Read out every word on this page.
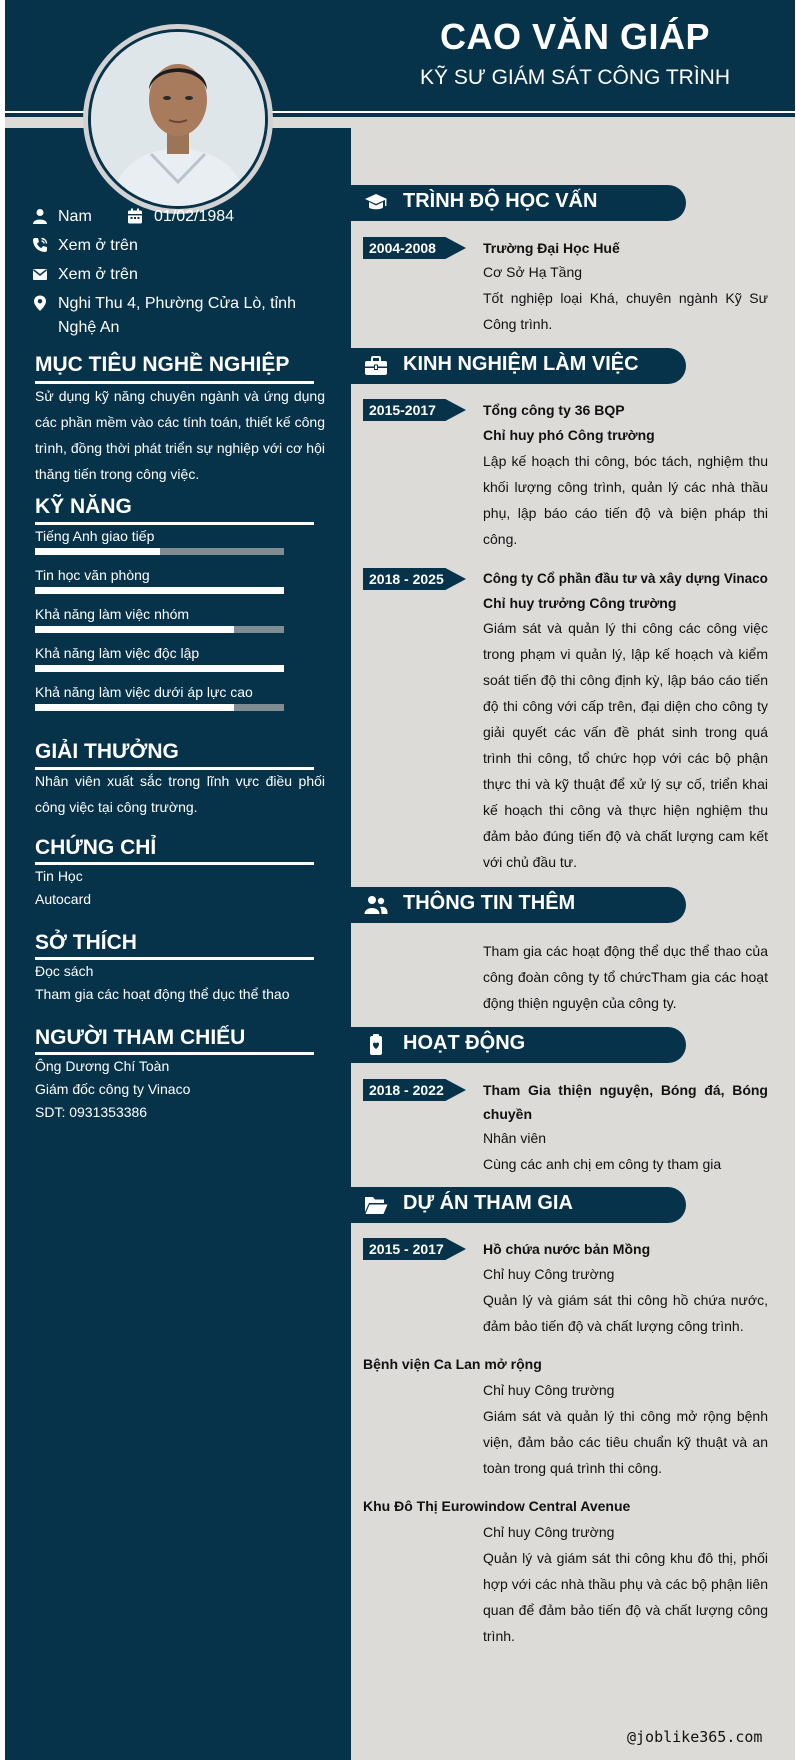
CAO VĂN GIÁP
KỸ SƯ GIÁM SÁT CÔNG TRÌNH
Nam	01/02/1984
Xem ở trên
Xem ở trên
Nghi Thu 4, Phường Cửa Lò, tỉnh Nghệ An
MỤC TIÊU NGHỀ NGHIỆP
Sử dụng kỹ năng chuyên ngành và ứng dụng các phần mềm vào các tính toán, thiết kế công trình, đồng thời phát triển sự nghiệp với cơ hội thăng tiến trong công việc.
KỸ NĂNG
Tiếng Anh giao tiếp
Tin học văn phòng
Khả năng làm việc nhóm
Khả năng làm việc độc lập
Khả năng làm việc dưới áp lực cao
GIẢI THƯỞNG
Nhân viên xuất sắc trong lĩnh vực điều phối công việc tại công trường.
CHỨNG CHỈ
Tin Học
Autocard
SỞ THÍCH
Đọc sách
Tham gia các hoạt động thể dục thể thao
NGƯỜI THAM CHIẾU
Ông Dương Chí Toàn
Giám đốc công ty Vinaco
SDT: 0931353386
TRÌNH ĐỘ HỌC VẤN
2004-2008	Trường Đại Học Huế
Cơ Sở Hạ Tầng
Tốt nghiệp loại Khá, chuyên ngành Kỹ Sư Công trình.
KINH NGHIỆM LÀM VIỆC
2015-2017	Tổng công ty 36 BQP
Chỉ huy phó Công trường
Lập kế hoạch thi công, bóc tách, nghiệm thu khối lượng công trình, quản lý các nhà thầu phụ, lập báo cáo tiến độ và biện pháp thi công.
2018 - 2025	Công ty Cổ phần đầu tư và xây dựng Vinaco
Chỉ huy trưởng Công trường
Giám sát và quản lý thi công các công việc trong phạm vi quản lý, lập kế hoạch và kiểm soát tiến độ thi công định kỳ, lập báo cáo tiến độ thi công với cấp trên, đại diện cho công ty giải quyết các vấn đề phát sinh trong quá trình thi công, tổ chức họp với các bộ phận thực thi và kỹ thuật để xử lý sự cố, triển khai kế hoạch thi công và thực hiện nghiệm thu đảm bảo đúng tiến độ và chất lượng cam kết với chủ đầu tư.
THÔNG TIN THÊM
Tham gia các hoạt động thể dục thể thao của công đoàn công ty tổ chứcTham gia các hoạt động thiện nguyện của công ty.
HOẠT ĐỘNG
2018 - 2022	Tham Gia thiện nguyện, Bóng đá, Bóng chuyền
Nhân viên
Cùng các anh chị em công ty tham gia
DỰ ÁN THAM GIA
2015 - 2017	Hồ chứa nước bản Mồng
Chỉ huy Công trường
Quản lý và giám sát thi công hồ chứa nước, đảm bảo tiến độ và chất lượng công trình.
Bệnh viện Ca Lan mở rộng
Chỉ huy Công trường
Giám sát và quản lý thi công mở rộng bệnh viện, đảm bảo các tiêu chuẩn kỹ thuật và an toàn trong quá trình thi công.
Khu Đô Thị Eurowindow Central Avenue
Chỉ huy Công trường
Quản lý và giám sát thi công khu đô thị, phối hợp với các nhà thầu phụ và các bộ phận liên quan để đảm bảo tiến độ và chất lượng công trình.
@joblike365.com
